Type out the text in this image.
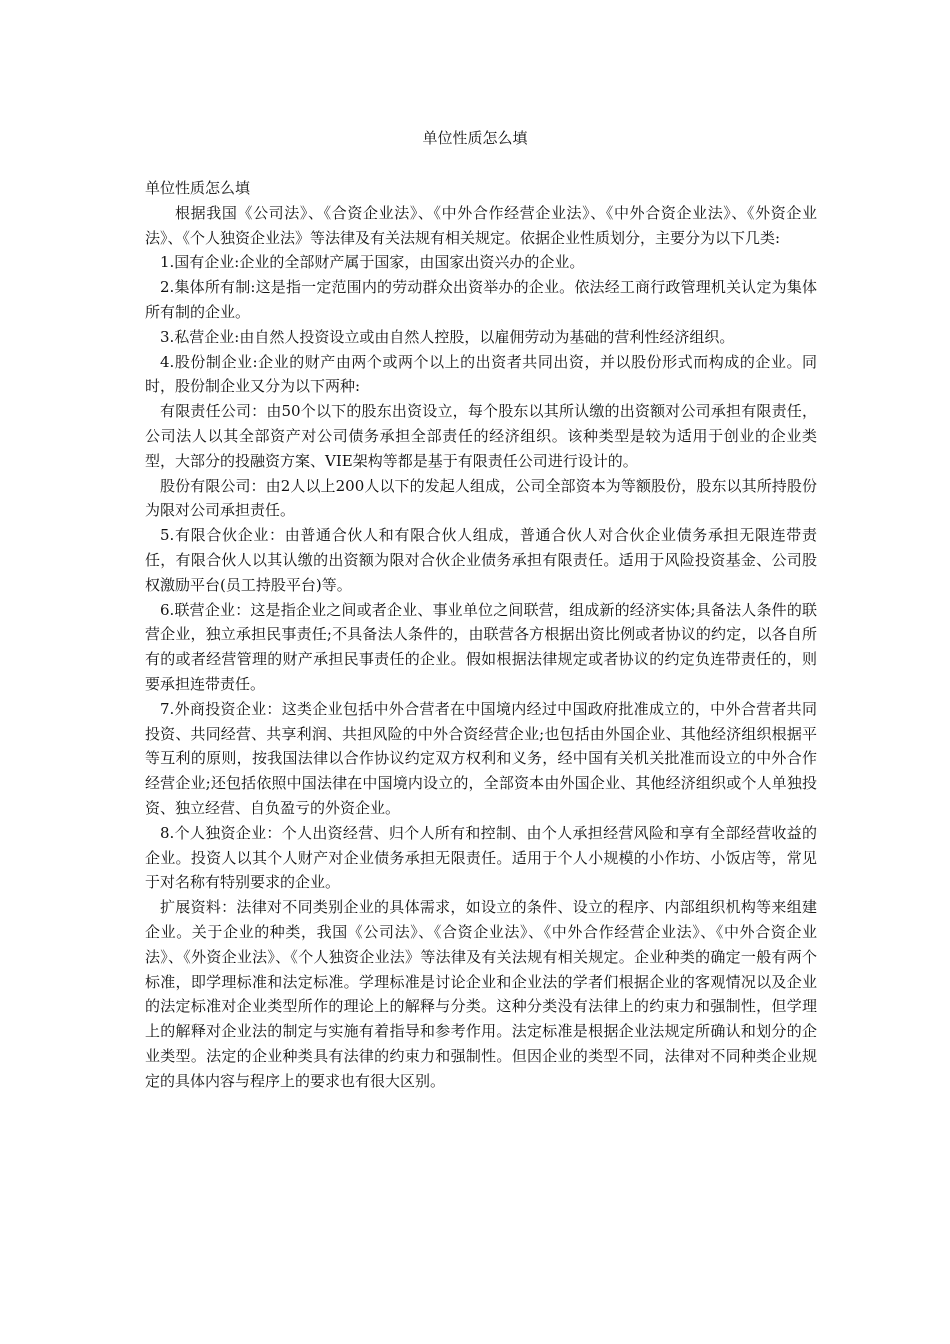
单位性质怎么填

单位性质怎么填

根据我国《公司法》、《合资企业法》、《中外合作经营企业法》、《中外合资企业法》、《外资企业法》、《个人独资企业法》等法律及有关法规有相关规定。依据企业性质划分，主要分为以下几类:

1.国有企业:企业的全部财产属于国家，由国家出资兴办的企业。

2.集体所有制:这是指一定范围内的劳动群众出资举办的企业。依法经工商行政管理机关认定为集体所有制的企业。

3.私营企业:由自然人投资设立或由自然人控股，以雇佣劳动为基础的营利性经济组织。

4.股份制企业:企业的财产由两个或两个以上的出资者共同出资，并以股份形式而构成的企业。同时，股份制企业又分为以下两种:

有限责任公司：由50个以下的股东出资设立，每个股东以其所认缴的出资额对公司承担有限责任，公司法人以其全部资产对公司债务承担全部责任的经济组织。该种类型是较为适用于创业的企业类型，大部分的投融资方案、VIE架构等都是基于有限责任公司进行设计的。

股份有限公司：由2人以上200人以下的发起人组成，公司全部资本为等额股份，股东以其所持股份为限对公司承担责任。

5.有限合伙企业：由普通合伙人和有限合伙人组成，普通合伙人对合伙企业债务承担无限连带责任，有限合伙人以其认缴的出资额为限对合伙企业债务承担有限责任。适用于风险投资基金、公司股权激励平台(员工持股平台)等。

6.联营企业：这是指企业之间或者企业、事业单位之间联营，组成新的经济实体;具备法人条件的联营企业，独立承担民事责任;不具备法人条件的，由联营各方根据出资比例或者协议的约定，以各自所有的或者经营管理的财产承担民事责任的企业。假如根据法律规定或者协议的约定负连带责任的，则要承担连带责任。

7.外商投资企业：这类企业包括中外合营者在中国境内经过中国政府批准成立的，中外合营者共同投资、共同经营、共享利润、共担风险的中外合资经营企业;也包括由外国企业、其他经济组织根据平等互利的原则，按我国法律以合作协议约定双方权利和义务，经中国有关机关批准而设立的中外合作经营企业;还包括依照中国法律在中国境内设立的，全部资本由外国企业、其他经济组织或个人单独投资、独立经营、自负盈亏的外资企业。

8.个人独资企业：个人出资经营、归个人所有和控制、由个人承担经营风险和享有全部经营收益的企业。投资人以其个人财产对企业债务承担无限责任。适用于个人小规模的小作坊、小饭店等，常见于对名称有特别要求的企业。

扩展资料：法律对不同类别企业的具体需求，如设立的条件、设立的程序、内部组织机构等来组建企业。关于企业的种类，我国《公司法》、《合资企业法》、《中外合作经营企业法》、《中外合资企业法》、《外资企业法》、《个人独资企业法》等法律及有关法规有相关规定。企业种类的确定一般有两个标准，即学理标准和法定标准。学理标准是讨论企业和企业法的学者们根据企业的客观情况以及企业的法定标准对企业类型所作的理论上的解释与分类。这种分类没有法律上的约束力和强制性，但学理上的解释对企业法的制定与实施有着指导和参考作用。法定标准是根据企业法规定所确认和划分的企业类型。法定的企业种类具有法律的约束力和强制性。但因企业的类型不同，法律对不同种类企业规定的具体内容与程序上的要求也有很大区别。
